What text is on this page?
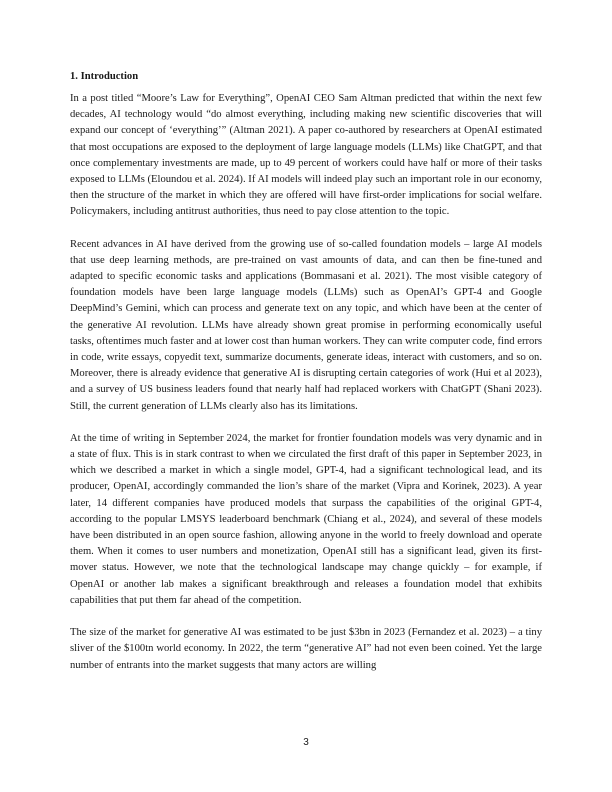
1. Introduction

In a post titled “Moore’s Law for Everything”, OpenAI CEO Sam Altman predicted that within the next few decades, AI technology would “do almost everything, including making new scientific discoveries that will expand our concept of ‘everything’” (Altman 2021). A paper co-authored by researchers at OpenAI estimated that most occupations are exposed to the deployment of large language models (LLMs) like ChatGPT, and that once complementary investments are made, up to 49 percent of workers could have half or more of their tasks exposed to LLMs (Eloundou et al. 2024). If AI models will indeed play such an important role in our economy, then the structure of the market in which they are offered will have first-order implications for social welfare. Policymakers, including antitrust authorities, thus need to pay close attention to the topic.

Recent advances in AI have derived from the growing use of so-called foundation models – large AI models that use deep learning methods, are pre-trained on vast amounts of data, and can then be fine-tuned and adapted to specific economic tasks and applications (Bommasani et al. 2021). The most visible category of foundation models have been large language models (LLMs) such as OpenAI’s GPT-4 and Google DeepMind’s Gemini, which can process and generate text on any topic, and which have been at the center of the generative AI revolution. LLMs have already shown great promise in performing economically useful tasks, oftentimes much faster and at lower cost than human workers. They can write computer code, find errors in code, write essays, copyedit text, summarize documents, generate ideas, interact with customers, and so on. Moreover, there is already evidence that generative AI is disrupting certain categories of work (Hui et al 2023), and a survey of US business leaders found that nearly half had replaced workers with ChatGPT (Shani 2023). Still, the current generation of LLMs clearly also has its limitations.

At the time of writing in September 2024, the market for frontier foundation models was very dynamic and in a state of flux. This is in stark contrast to when we circulated the first draft of this paper in September 2023, in which we described a market in which a single model, GPT-4, had a significant technological lead, and its producer, OpenAI, accordingly commanded the lion’s share of the market (Vipra and Korinek, 2023). A year later, 14 different companies have produced models that surpass the capabilities of the original GPT-4, according to the popular LMSYS leaderboard benchmark (Chiang et al., 2024), and several of these models have been distributed in an open source fashion, allowing anyone in the world to freely download and operate them. When it comes to user numbers and monetization, OpenAI still has a significant lead, given its first-mover status. However, we note that the technological landscape may change quickly – for example, if OpenAI or another lab makes a significant breakthrough and releases a foundation model that exhibits capabilities that put them far ahead of the competition.

The size of the market for generative AI was estimated to be just $3bn in 2023 (Fernandez et al. 2023) – a tiny sliver of the $100tn world economy. In 2022, the term “generative AI” had not even been coined. Yet the large number of entrants into the market suggests that many actors are willing

3
